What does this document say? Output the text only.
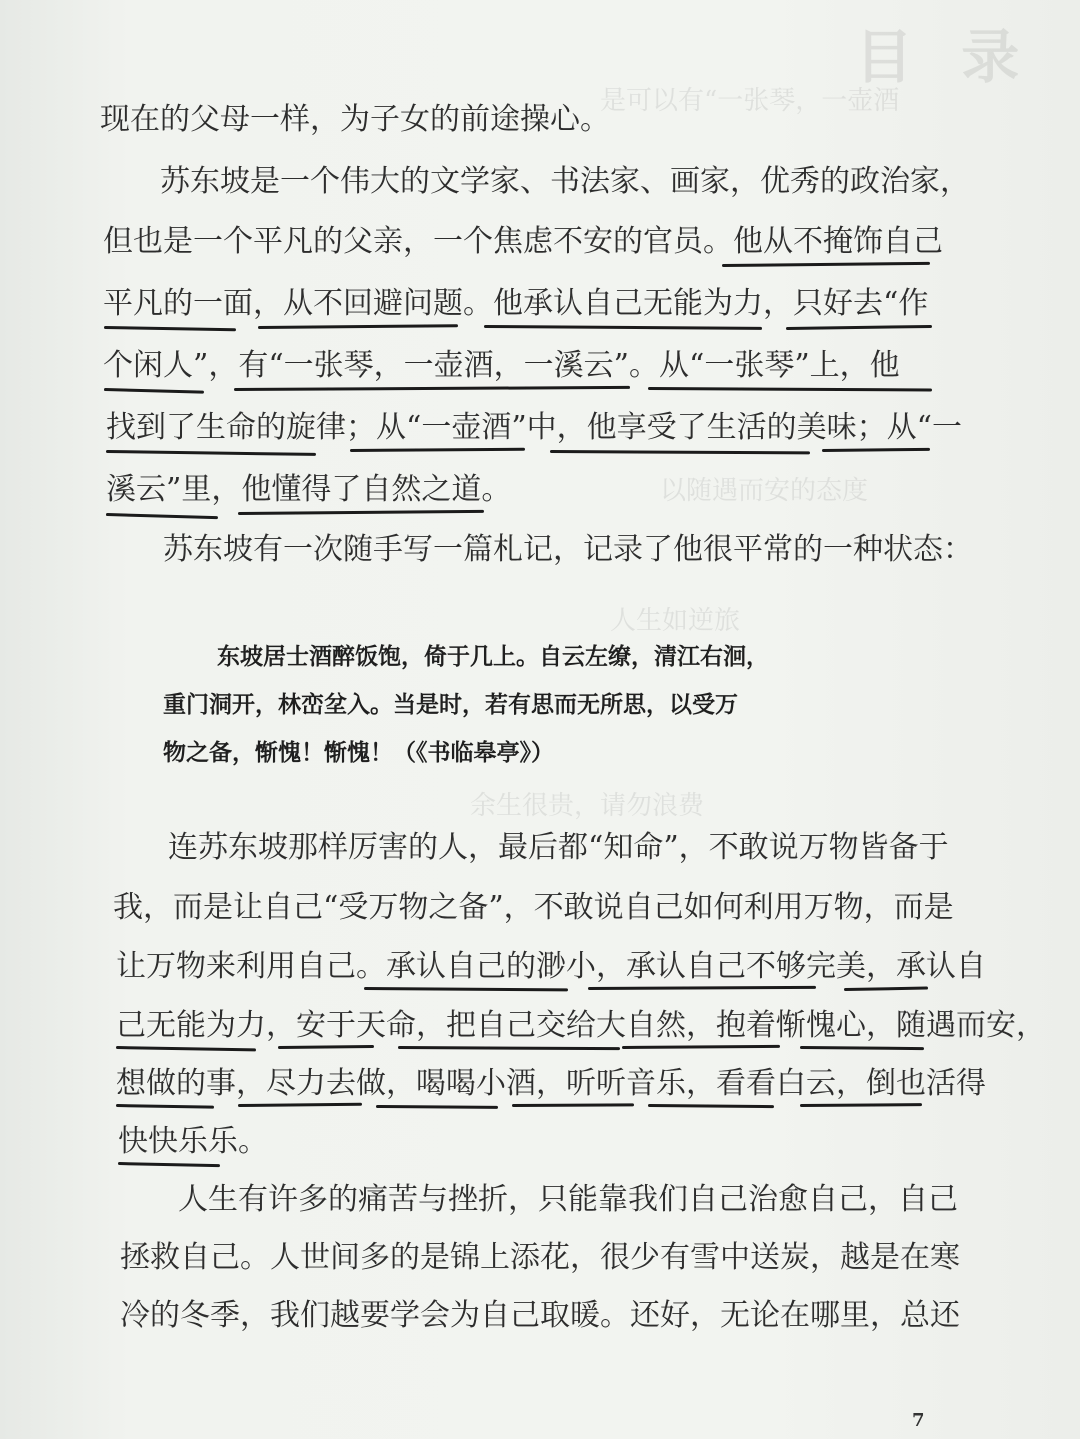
目 录
是可以有“一张琴，一壶酒
以随遇而安的态度
人生如逆旅
余生很贵，请勿浪费
现在的父母一样，为子女的前途操心。
苏东坡是一个伟大的文学家、书法家、画家，优秀的政治家，
但也是一个平凡的父亲，一个焦虑不安的官员。他从不掩饰自己
平凡的一面，从不回避问题。他承认自己无能为力，只好去“作
个闲人”，有“一张琴，一壶酒，一溪云”。从“一张琴”上，他
找到了生命的旋律；从“一壶酒”中，他享受了生活的美味；从“一
溪云”里，他懂得了自然之道。
苏东坡有一次随手写一篇札记，记录了他很平常的一种状态：
东坡居士酒醉饭饱，倚于几上。自云左缭，清江右洄，
重门洞开，林峦坌入。当是时，若有思而无所思，以受万
物之备，惭愧！惭愧！（《书临皋亭》）
连苏东坡那样厉害的人，最后都“知命”，不敢说万物皆备于
我，而是让自己“受万物之备”，不敢说自己如何利用万物，而是
让万物来利用自己。承认自己的渺小，承认自己不够完美，承认自
己无能为力，安于天命，把自己交给大自然，抱着惭愧心，随遇而安，
想做的事，尽力去做，喝喝小酒，听听音乐，看看白云，倒也活得
快快乐乐。
人生有许多的痛苦与挫折，只能靠我们自己治愈自己，自己
拯救自己。人世间多的是锦上添花，很少有雪中送炭，越是在寒
冷的冬季，我们越要学会为自己取暖。还好，无论在哪里，总还
7
